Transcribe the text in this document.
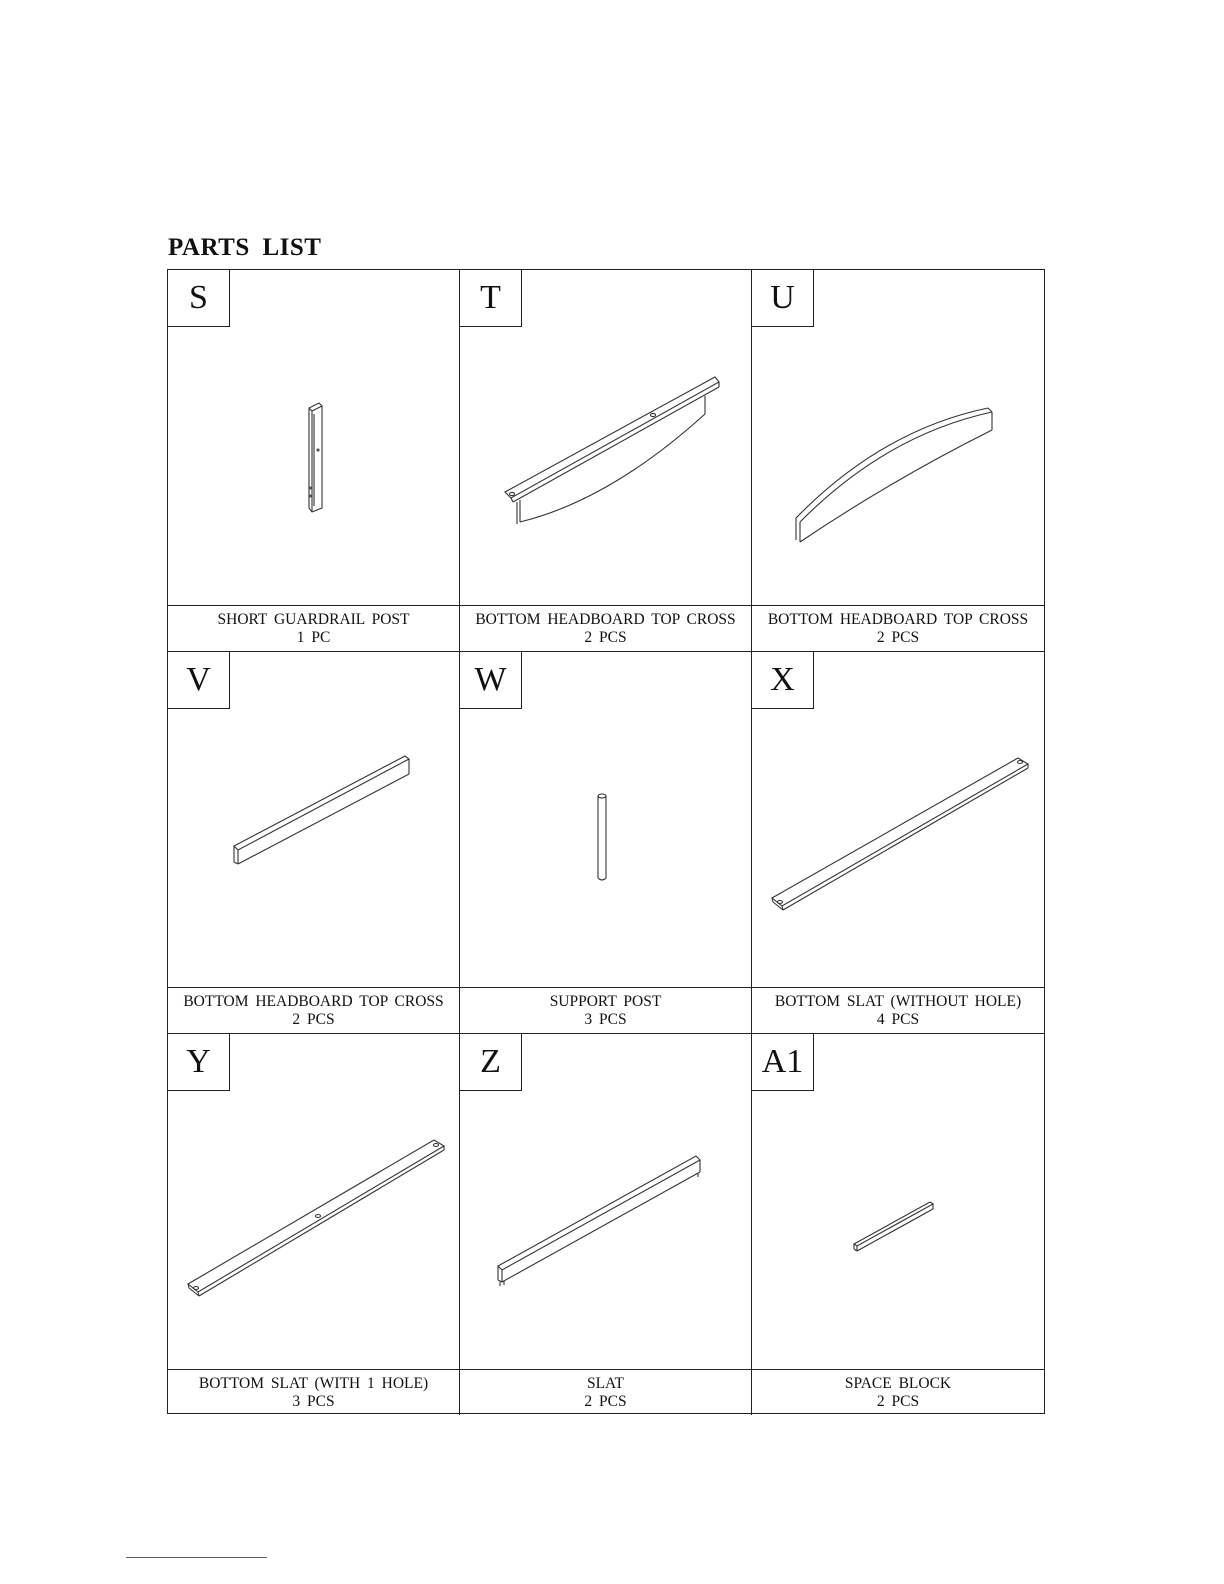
PARTS LIST
S
SHORT GUARDRAIL POST
1 PC
T
BOTTOM HEADBOARD TOP CROSS
2 PCS
U
BOTTOM HEADBOARD TOP CROSS
2 PCS
V
BOTTOM HEADBOARD TOP CROSS
2 PCS
W
SUPPORT POST
3 PCS
X
BOTTOM SLAT (WITHOUT HOLE)
4 PCS
Y
BOTTOM SLAT (WITH 1 HOLE)
3 PCS
Z
SLAT
2 PCS
A1
SPACE BLOCK
2 PCS
